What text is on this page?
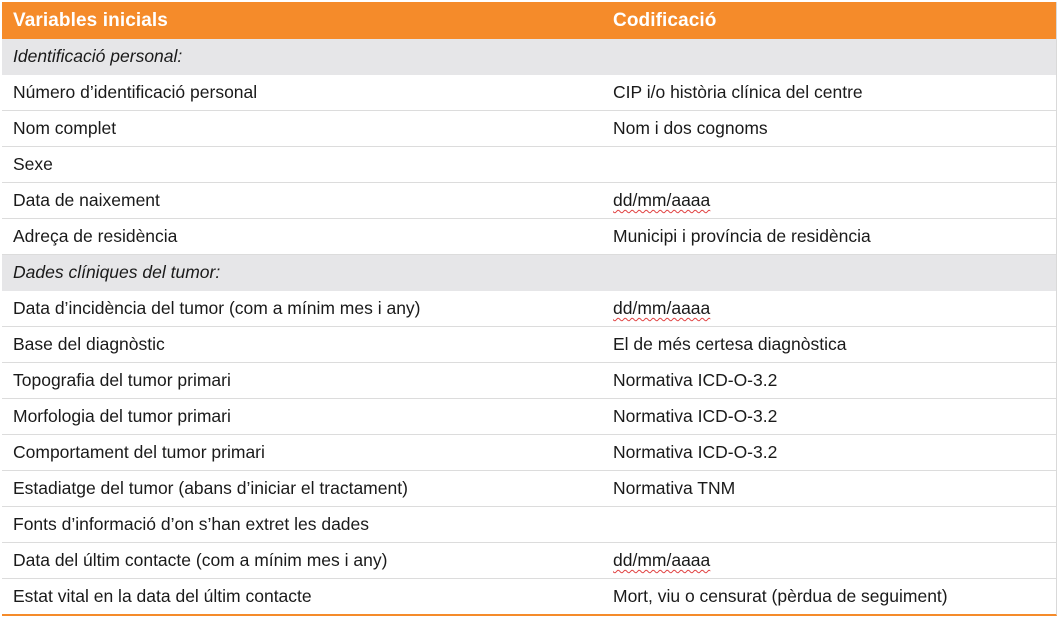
Variables inicials	Codificació
Identificació personal:	
Número d’identificació personal	CIP i/o història clínica del centre
Nom complet	Nom i dos cognoms
Sexe	
Data de naixement	dd/mm/aaaa
Adreça de residència	Municipi i província de residència
Dades clíniques del tumor:	
Data d’incidència del tumor (com a mínim mes i any)	dd/mm/aaaa
Base del diagnòstic	El de més certesa diagnòstica
Topografia del tumor primari	Normativa ICD-O-3.2
Morfologia del tumor primari	Normativa ICD-O-3.2
Comportament del tumor primari	Normativa ICD-O-3.2
Estadiatge del tumor (abans d’iniciar el tractament)	Normativa TNM
Fonts d’informació d’on s’han extret les dades	
Data del últim contacte (com a mínim mes i any)	dd/mm/aaaa
Estat vital en la data del últim contacte	Mort, viu o censurat (pèrdua de seguiment)
